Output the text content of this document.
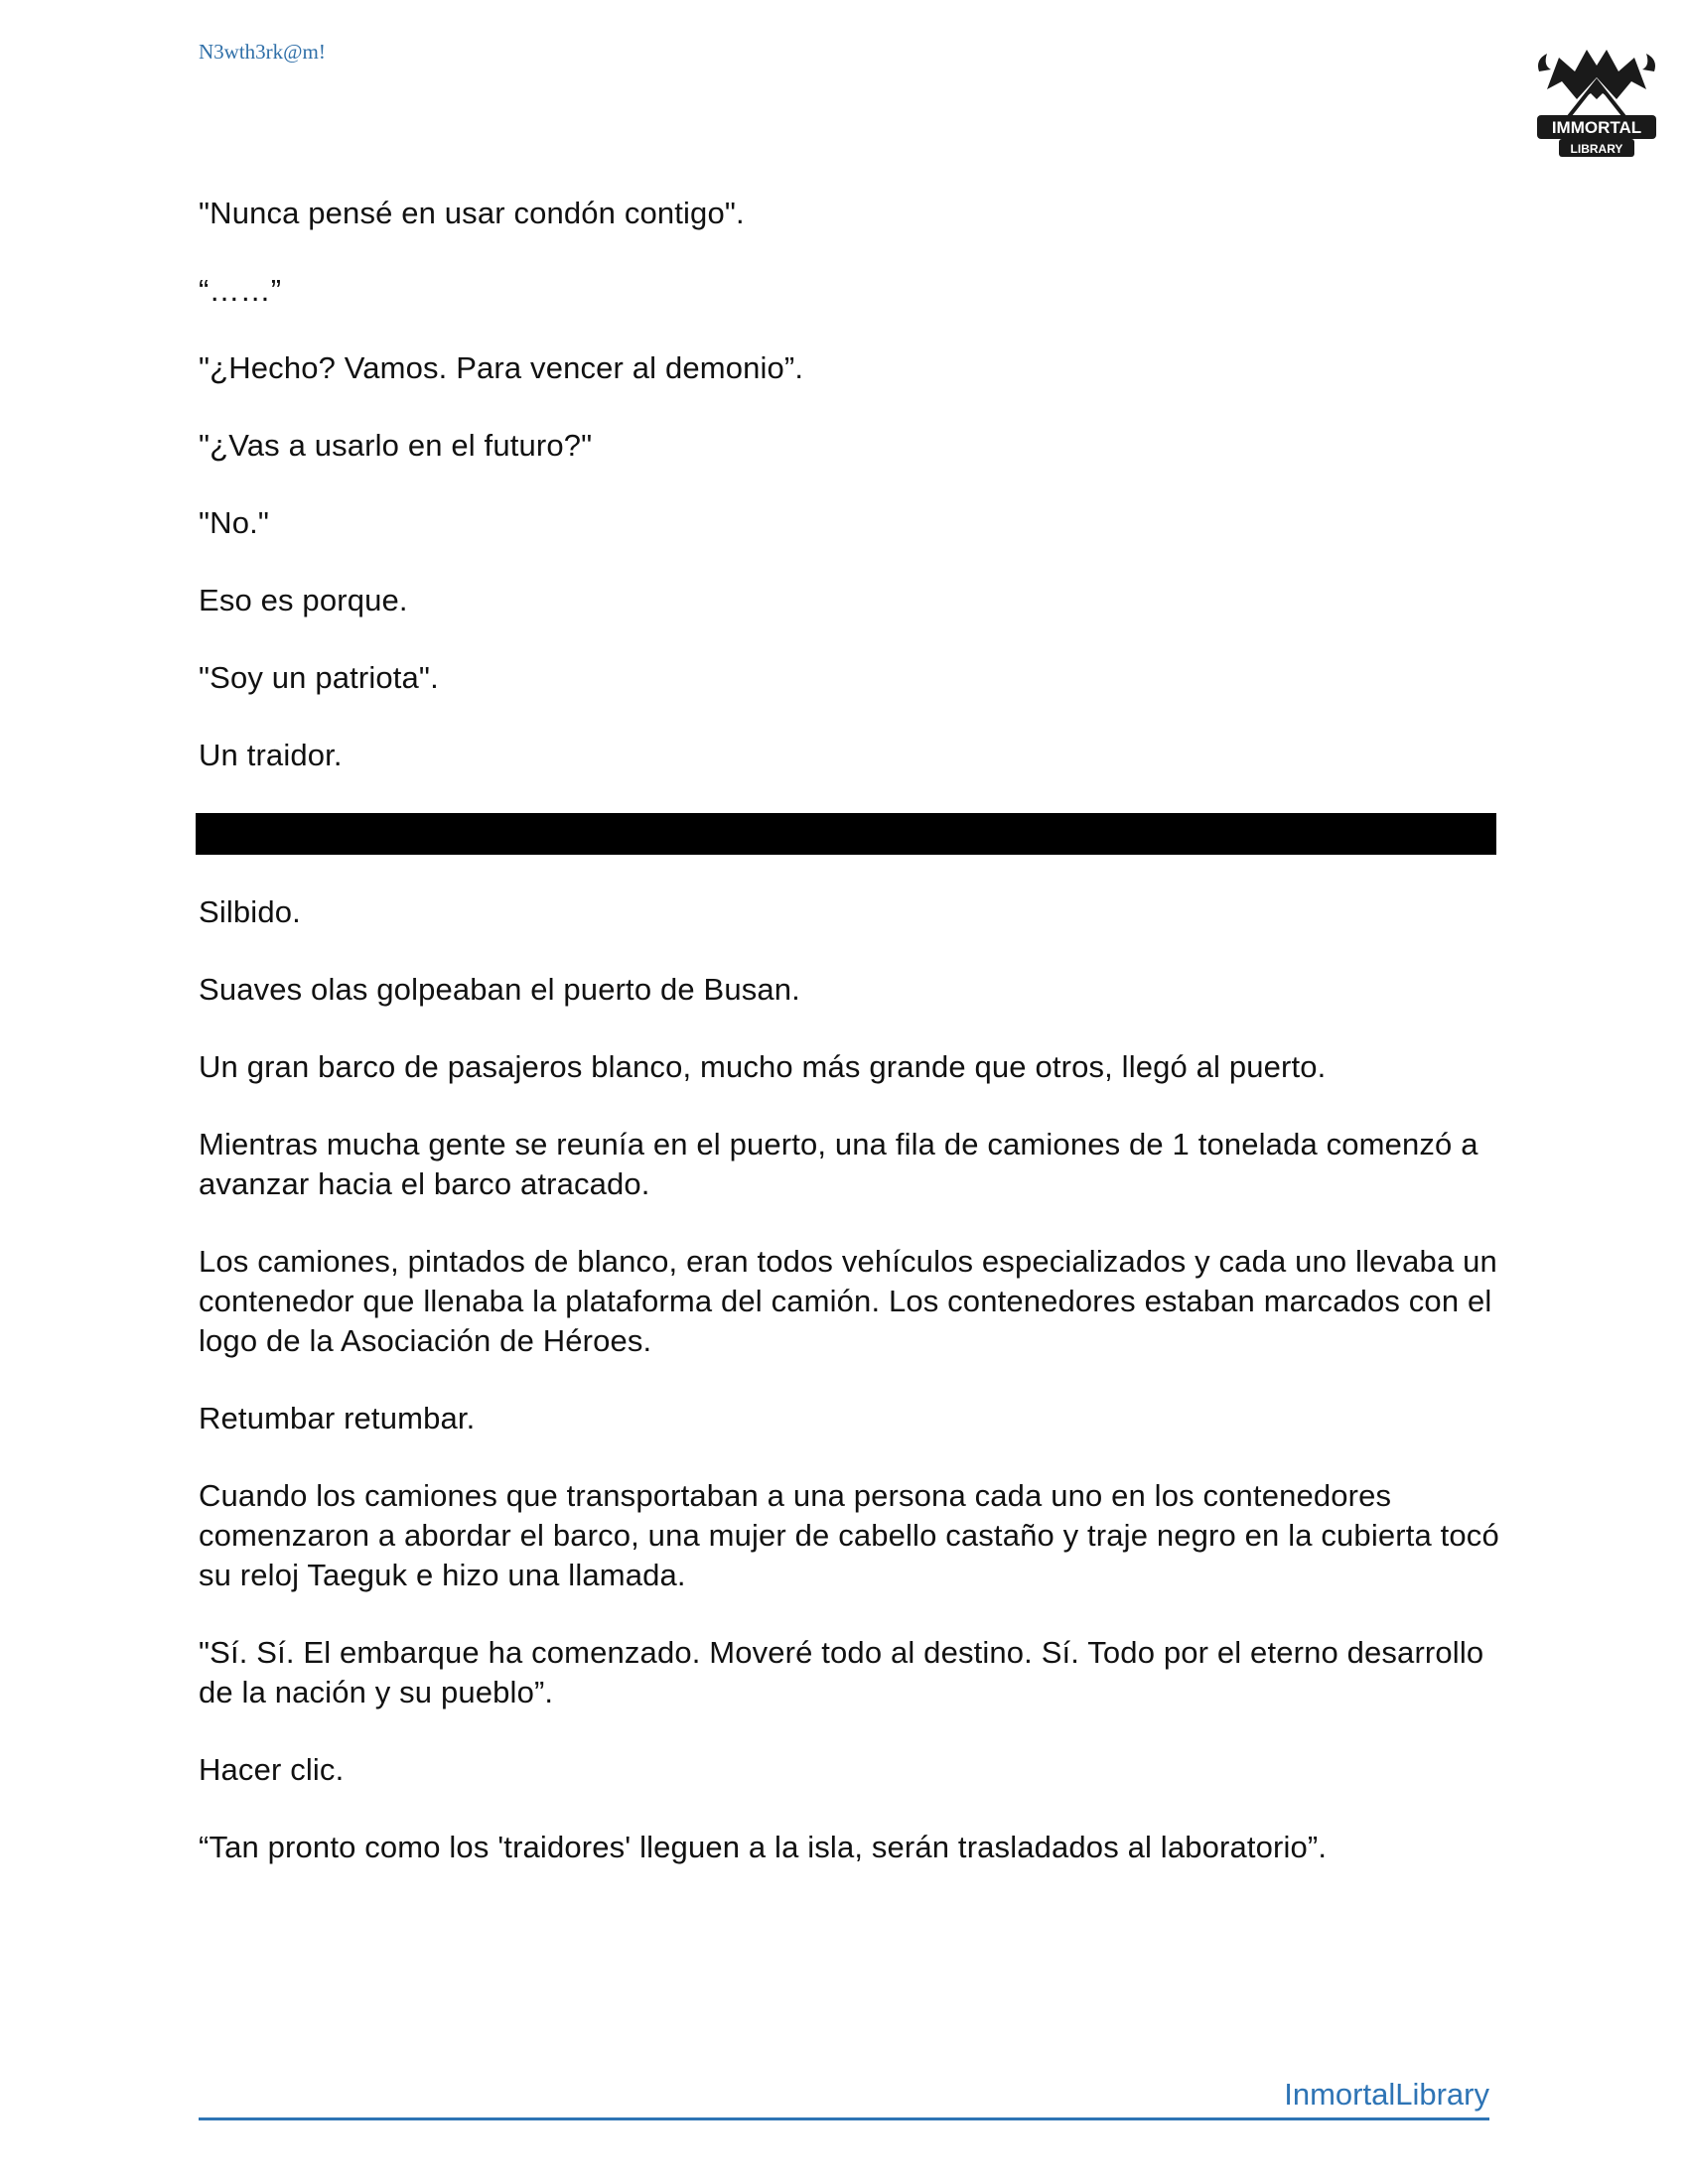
N3wth3rk@m!
IMMORTAL
LIBRARY

"Nunca pensé en usar condón contigo".

“……”

"¿Hecho? Vamos. Para vencer al demonio”.

"¿Vas a usarlo en el futuro?"

"No."

Eso es porque.

"Soy un patriota".

Un traidor.

Silbido.

Suaves olas golpeaban el puerto de Busan.

Un gran barco de pasajeros blanco, mucho más grande que otros, llegó al puerto.

Mientras mucha gente se reunía en el puerto, una fila de camiones de 1 tonelada comenzó a avanzar hacia el barco atracado.

Los camiones, pintados de blanco, eran todos vehículos especializados y cada uno llevaba un contenedor que llenaba la plataforma del camión. Los contenedores estaban marcados con el logo de la Asociación de Héroes.

Retumbar retumbar.

Cuando los camiones que transportaban a una persona cada uno en los contenedores comenzaron a abordar el barco, una mujer de cabello castaño y traje negro en la cubierta tocó su reloj Taeguk e hizo una llamada.

"Sí. Sí. El embarque ha comenzado. Moveré todo al destino. Sí. Todo por el eterno desarrollo de la nación y su pueblo”.

Hacer clic.

“Tan pronto como los 'traidores' lleguen a la isla, serán trasladados al laboratorio”.

InmortalLibrary
